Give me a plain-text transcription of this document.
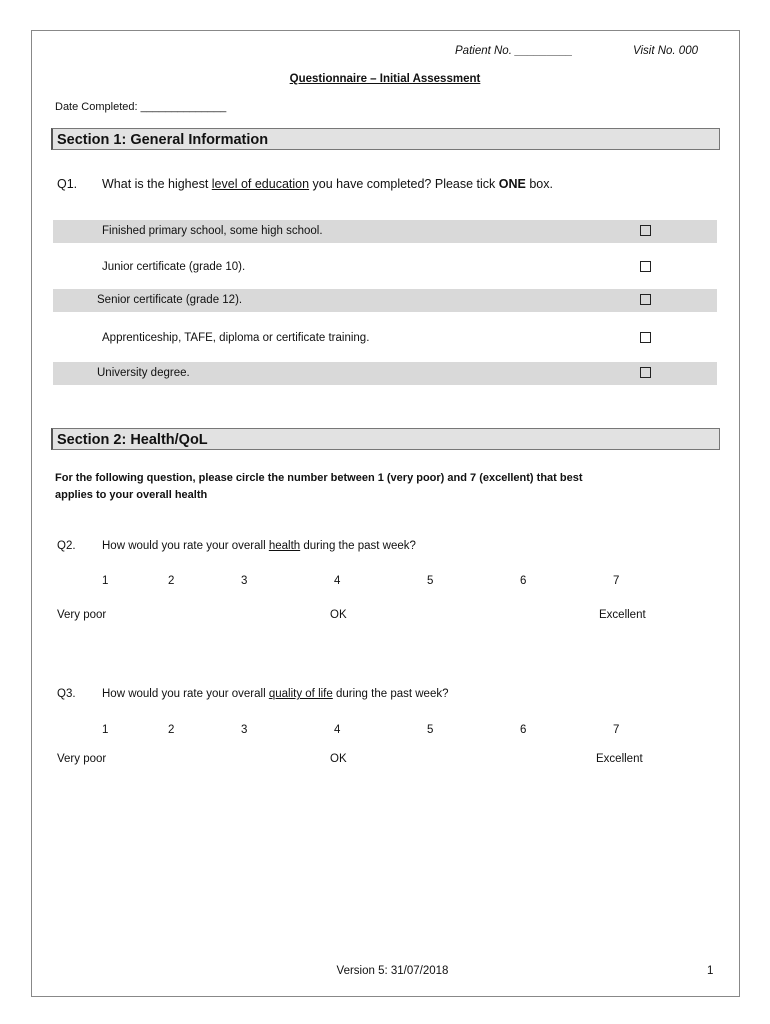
Patient No. _________	Visit No. 000
Questionnaire – Initial Assessment
Date Completed: ______________
Section 1: General Information
Q1. What is the highest level of education you have completed? Please tick ONE box.
Finished primary school, some high school.
Junior certificate (grade 10).
Senior certificate (grade 12).
Apprenticeship, TAFE, diploma or certificate training.
University degree.
Section 2: Health/QoL
For the following question, please circle the number between 1 (very poor) and 7 (excellent) that best
applies to your overall health
Q2. How would you rate your overall health during the past week?
1	2	3	4	5	6	7
Very poor	OK	Excellent
Q3. How would you rate your overall quality of life during the past week?
1	2	3	4	5	6	7
Very poor	OK	Excellent
Version 5: 31/07/2018	1
